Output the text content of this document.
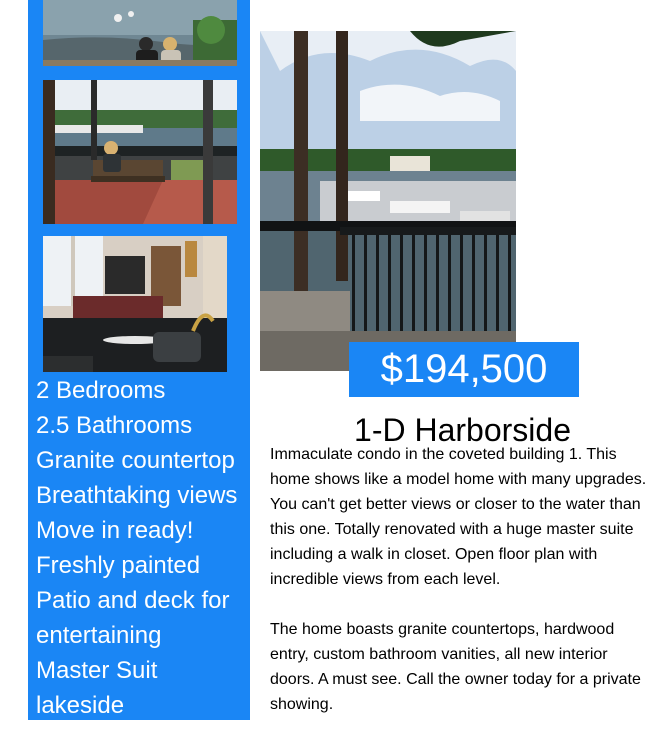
2 Bedrooms
2.5 Bathrooms
Granite countertop
Breathtaking views
Move in ready!
Freshly painted
Patio and deck for entertaining
Master Suit lakeside
$194,500
1-D Harborside

Immaculate condo in the coveted building 1. This home shows like a model home with many upgrades. You can't get better views or closer to the water than this one. Totally renovated with a huge master suite including a walk in closet. Open floor plan with incredible views from each level.

The home boasts granite countertops, hardwood entry, custom bathroom vanities, all new interior doors. A must see. Call the owner today for a private showing.
